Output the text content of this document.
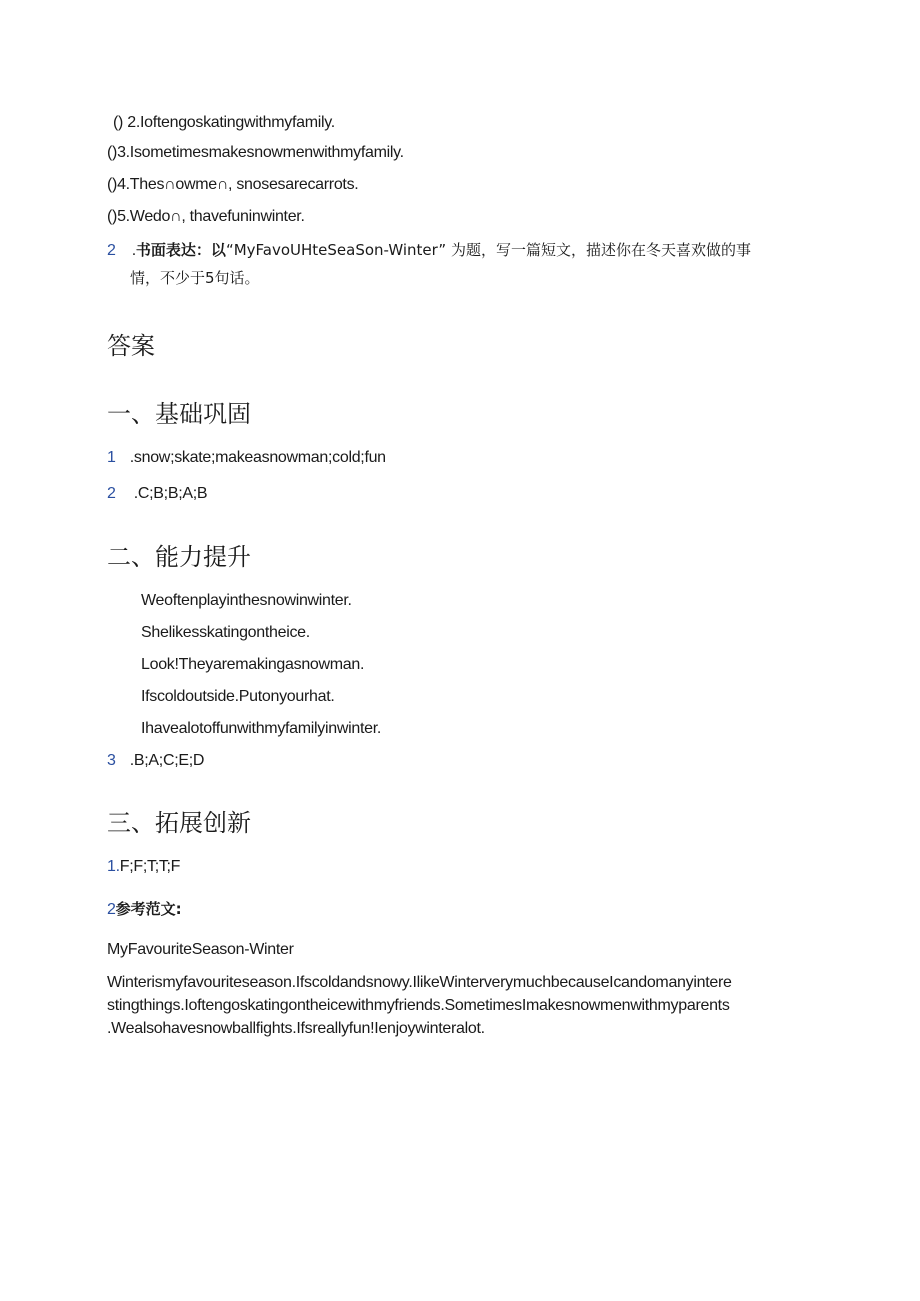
() 2.Ioftengoskatingwithmyfamily.
()3.Isometimesmakesnowmenwithmyfamily.
()4.Thes∩owme∩, snosesarecarrots.
()5.Wedo∩, thavefuninwinter.
2 .书面表达：以“MyFavoUHteSeaSon-Winter” 为题，写一篇短文，描述你在冬天喜欢做的事
情，不少于5句话。
答案
一、基础巩固
1 .snow;skate;makeasnowman;cold;fun
2 .C;B;B;A;B
二、能力提升
Weoftenplayinthesnowinwinter.
Shelikesskatingontheice.
Look!Theyaremakingasnowman.
Ifscoldoutside.Putonyourhat.
Ihavealotoffunwithmyfamilyinwinter.
3 .B;A;C;E;D
三、拓展创新
1.F;F;T;T;F
2参考范文:
MyFavouriteSeason-Winter
Winterismyfavouriteseason.Ifscoldandsnowy.IlikeWinterverymuchbecauseIcandomanyintere
stingthings.Ioftengoskatingontheicewithmyfriends.SometimesImakesnowmenwithmyparents
.Wealsohavesnowballfights.Ifsreallyfun!Ienjoywinteralot.
